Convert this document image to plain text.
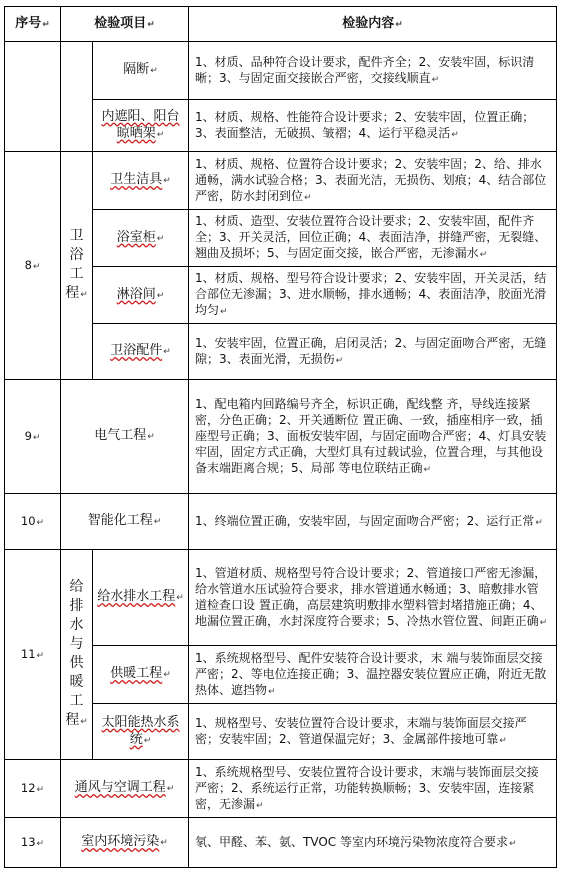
序号↵	检验项目↵		检验内容↵
		隔断↵	1、材质、品种符合设计要求，配件齐全；2、安装牢固，标识清晰；3、与固定面交接嵌合严密，交接线顺直↵
		内遮阳、阳台晾晒架↵	1、材质、规格、性能符合设计要求；2、安装牢固，位置正确；3、表面整洁，无破损、皱褶；4、运行平稳灵活↵
8↵	卫浴工程↵	卫生洁具↵	1、材质、规格、位置符合设计要求；2、安装牢固；2、给、排水通畅，满水试验合格；3、表面光洁，无损伤、划痕；4、结合部位严密，防水封闭到位↵
		浴室柜↵	1、材质、造型、安装位置符合设计要求；2、安装牢固，配件齐全；3、开关灵活，回位正确；4、表面洁净，拼缝严密，无裂缝、翘曲及损坏；5、与固定面交接，嵌合严密，无渗漏水↵
		淋浴间↵	1、材质、规格、型号符合设计要求；2、安装牢固，开关灵活，结合部位无渗漏；3、进水顺畅，排水通畅；4、表面洁净，胶面光滑均匀↵
		卫浴配件↵	1、安装牢固，位置正确，启闭灵活；2、与固定面吻合严密，无缝隙；3、表面光滑，无损伤↵
9↵	电气工程↵		1、配电箱内回路编号齐全，标识正确，配线整 齐，导线连接紧密，分色正确；2、开关通断位 置正确、一致，插座相序一致，插座型号正确；3、面板安装牢固，与固定面吻合严密；4、灯具安装牢固，固定方式正确，大型灯具有过载试验，位置合理，与其他设备末端距离合规；5、局部 等电位联结正确↵
10↵	智能化工程↵		1、终端位置正确，安装牢固，与固定面吻合严密；2、运行正常↵
11↵	给排水与供暖工程↵	给水排水工程↵	1、管道材质、规格型号符合设计要求；2、管道接口严密无渗漏，给水管道水压试验符合要求，排水管道通水畅通；3、暗敷排水管道检查口设 置正确，高层建筑明敷排水塑料管封堵措施正确；4、地漏位置正确，水封深度符合要求；5、冷热水管位置、间距正确↵
		供暖工程↵	1、系统规格型号、配件安装符合设计要求，末 端与装饰面层交接严密；2、等电位连接正确；3、温控器安装位置应正确，附近无散热体、遮挡物↵
		太阳能热水系统↵	1、规格型号、安装位置符合设计要求，末端与装饰面层交接严密；安装牢固；2、管道保温完好；3、金属部件接地可靠↵
12↵	通风与空调工程↵		1、系统规格型号、安装位置符合设计要求，末端与装饰面层交接严密；2、系统运行正常，功能转换顺畅；3、安装牢固，连接紧密，无渗漏↵
13↵	室内环境污染↵		氡、甲醛、苯、氨、TVOC 等室内环境污染物浓度符合要求↵
